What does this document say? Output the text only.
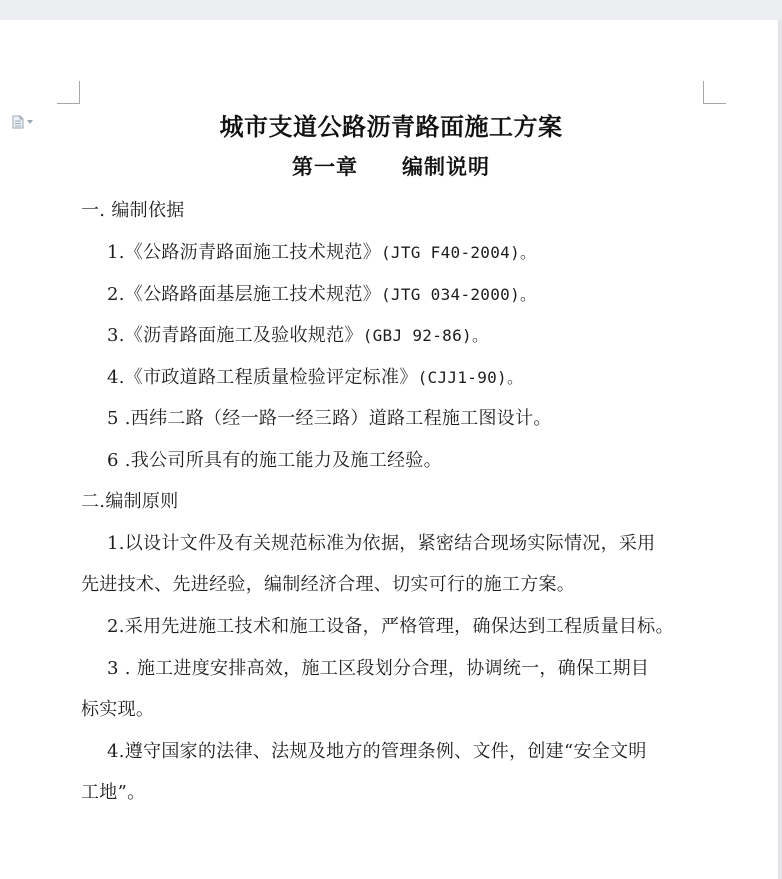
城市支道公路沥青路面施工方案
第一章 编制说明
一. 编制依据
1.《公路沥青路面施工技术规范》(JTG F40-2004)。
2.《公路路面基层施工技术规范》(JTG 034-2000)。
3.《沥青路面施工及验收规范》(GBJ 92-86)。
4.《市政道路工程质量检验评定标准》(CJJ1-90)。
5 .西纬二路（经一路一经三路）道路工程施工图设计。
6 .我公司所具有的施工能力及施工经验。
二.编制原则
1.以设计文件及有关规范标准为依据，紧密结合现场实际情况，采用
先进技术、先进经验，编制经济合理、切实可行的施工方案。
2.采用先进施工技术和施工设备，严格管理，确保达到工程质量目标。
3 . 施工进度安排高效，施工区段划分合理，协调统一，确保工期目
标实现。
4.遵守国家的法律、法规及地方的管理条例、文件，创建“安全文明
工地”。
